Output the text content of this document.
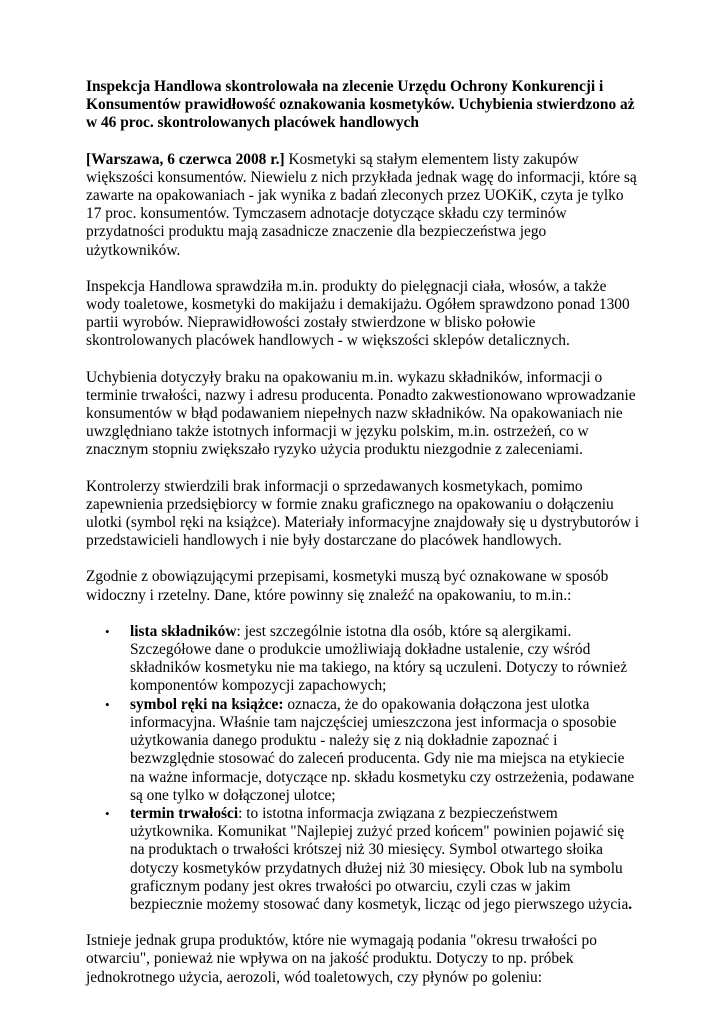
Inspekcja Handlowa skontrolowała na zlecenie Urzędu Ochrony Konkurencji i Konsumentów prawidłowość oznakowania kosmetyków. Uchybienia stwierdzono aż w 46 proc. skontrolowanych placówek handlowych

[Warszawa, 6 czerwca 2008 r.] Kosmetyki są stałym elementem listy zakupów większości konsumentów. Niewielu z nich przykłada jednak wagę do informacji, które są zawarte na opakowaniach - jak wynika z badań zleconych przez UOKiK, czyta je tylko 17 proc. konsumentów. Tymczasem adnotacje dotyczące składu czy terminów przydatności produktu mają zasadnicze znaczenie dla bezpieczeństwa jego użytkowników.

Inspekcja Handlowa sprawdziła m.in. produkty do pielęgnacji ciała, włosów, a także wody toaletowe, kosmetyki do makijażu i demakijażu. Ogółem sprawdzono ponad 1300 partii wyrobów. Nieprawidłowości zostały stwierdzone w blisko połowie skontrolowanych placówek handlowych - w większości sklepów detalicznych.

Uchybienia dotyczyły braku na opakowaniu m.in. wykazu składników, informacji o terminie trwałości, nazwy i adresu producenta. Ponadto zakwestionowano wprowadzanie konsumentów w błąd podawaniem niepełnych nazw składników. Na opakowaniach nie uwzględniano także istotnych informacji w języku polskim, m.in. ostrzeżeń, co w znacznym stopniu zwiększało ryzyko użycia produktu niezgodnie z zaleceniami.

Kontrolerzy stwierdzili brak informacji o sprzedawanych kosmetykach, pomimo zapewnienia przedsiębiorcy w formie znaku graficznego na opakowaniu o dołączeniu ulotki (symbol ręki na książce). Materiały informacyjne znajdowały się u dystrybutorów i przedstawicieli handlowych i nie były dostarczane do placówek handlowych.

Zgodnie z obowiązującymi przepisami, kosmetyki muszą być oznakowane w sposób widoczny i rzetelny. Dane, które powinny się znaleźć na opakowaniu, to m.in.:

• lista składników: jest szczególnie istotna dla osób, które są alergikami. Szczegółowe dane o produkcie umożliwiają dokładne ustalenie, czy wśród składników kosmetyku nie ma takiego, na który są uczuleni. Dotyczy to również komponentów kompozycji zapachowych;
• symbol ręki na książce: oznacza, że do opakowania dołączona jest ulotka informacyjna. Właśnie tam najczęściej umieszczona jest informacja o sposobie użytkowania danego produktu - należy się z nią dokładnie zapoznać i bezwzględnie stosować do zaleceń producenta. Gdy nie ma miejsca na etykiecie na ważne informacje, dotyczące np. składu kosmetyku czy ostrzeżenia, podawane są one tylko w dołączonej ulotce;
• termin trwałości: to istotna informacja związana z bezpieczeństwem użytkownika. Komunikat "Najlepiej zużyć przed końcem" powinien pojawić się na produktach o trwałości krótszej niż 30 miesięcy. Symbol otwartego słoika dotyczy kosmetyków przydatnych dłużej niż 30 miesięcy. Obok lub na symbolu graficznym podany jest okres trwałości po otwarciu, czyli czas w jakim bezpiecznie możemy stosować dany kosmetyk, licząc od jego pierwszego użycia.

Istnieje jednak grupa produktów, które nie wymagają podania "okresu trwałości po otwarciu", ponieważ nie wpływa on na jakość produktu. Dotyczy to np. próbek jednokrotnego użycia, aerozoli, wód toaletowych, czy płynów po goleniu:
